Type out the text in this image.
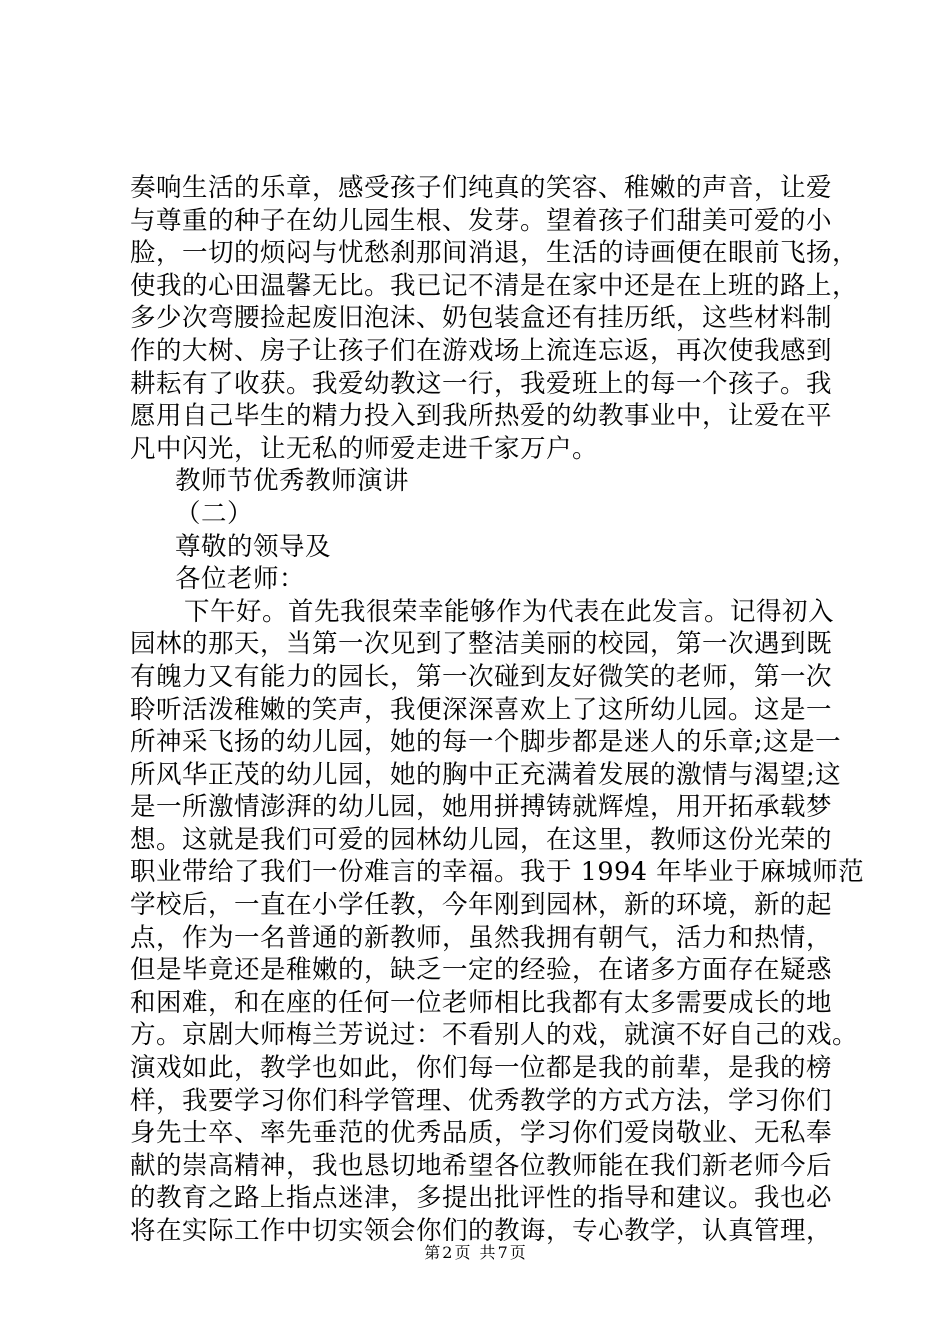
奏响生活的乐章，感受孩子们纯真的笑容、稚嫩的声音，让爱
与尊重的种子在幼儿园生根、发芽。望着孩子们甜美可爱的小
脸，一切的烦闷与忧愁刹那间消退，生活的诗画便在眼前飞扬，
使我的心田温馨无比。我已记不清是在家中还是在上班的路上，
多少次弯腰捡起废旧泡沫、奶包装盒还有挂历纸，这些材料制
作的大树、房子让孩子们在游戏场上流连忘返，再次使我感到
耕耘有了收获。我爱幼教这一行，我爱班上的每一个孩子。我
愿用自己毕生的精力投入到我所热爱的幼教事业中，让爱在平
凡中闪光，让无私的师爱走进千家万户。
教师节优秀教师演讲
（二）
尊敬的领导及
各位老师：
下午好。首先我很荣幸能够作为代表在此发言。记得初入
园林的那天，当第一次见到了整洁美丽的校园，第一次遇到既
有魄力又有能力的园长，第一次碰到友好微笑的老师，第一次
聆听活泼稚嫩的笑声，我便深深喜欢上了这所幼儿园。这是一
所神采飞扬的幼儿园，她的每一个脚步都是迷人的乐章;这是一
所风华正茂的幼儿园，她的胸中正充满着发展的激情与渴望;这
是一所激情澎湃的幼儿园，她用拼搏铸就辉煌，用开拓承载梦
想。这就是我们可爱的园林幼儿园，在这里，教师这份光荣的
职业带给了我们一份难言的幸福。我于 1994 年毕业于麻城师范
学校后，一直在小学任教，今年刚到园林，新的环境，新的起
点，作为一名普通的新教师，虽然我拥有朝气，活力和热情，
但是毕竟还是稚嫩的，缺乏一定的经验，在诸多方面存在疑惑
和困难，和在座的任何一位老师相比我都有太多需要成长的地
方。京剧大师梅兰芳说过：不看别人的戏，就演不好自己的戏。
演戏如此，教学也如此，你们每一位都是我的前辈，是我的榜
样，我要学习你们科学管理、优秀教学的方式方法，学习你们
身先士卒、率先垂范的优秀品质，学习你们爱岗敬业、无私奉
献的崇高精神，我也恳切地希望各位教师能在我们新老师今后
的教育之路上指点迷津，多提出批评性的指导和建议。我也必
将在实际工作中切实领会你们的教诲，专心教学，认真管理，
第 2 页 共 7 页
